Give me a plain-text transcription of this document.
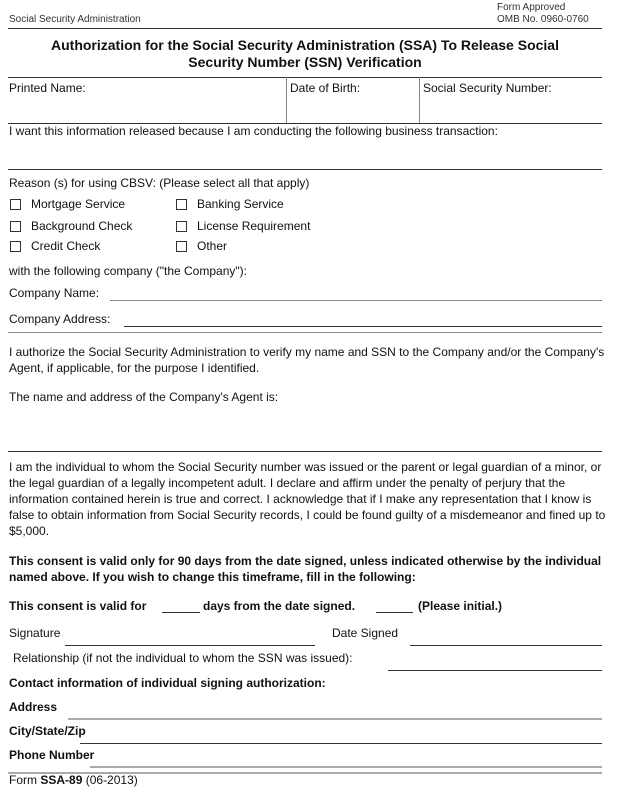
Social Security Administration
Form Approved
OMB No. 0960-0760
Authorization for the Social Security Administration (SSA) To Release Social
Security Number (SSN) Verification
Printed Name:	Date of Birth:	Social Security Number:
I want this information released because I am conducting the following business transaction:
Reason (s) for using CBSV: (Please select all that apply)
Mortgage Service	Banking Service
Background Check	License Requirement
Credit Check	Other
with the following company ("the Company"):
Company Name:
Company Address:
I authorize the Social Security Administration to verify my name and SSN to the Company and/or the Company's Agent, if applicable, for the purpose I identified.
The name and address of the Company's Agent is:
I am the individual to whom the Social Security number was issued or the parent or legal guardian of a minor, or the legal guardian of a legally incompetent adult. I declare and affirm under the penalty of perjury that the information contained herein is true and correct. I acknowledge that if I make any representation that I know is false to obtain information from Social Security records, I could be found guilty of a misdemeanor and fined up to $5,000.
This consent is valid only for 90 days from the date signed, unless indicated otherwise by the individual named above. If you wish to change this timeframe, fill in the following:
This consent is valid for	days from the date signed.	(Please initial.)
Signature	Date Signed
Relationship (if not the individual to whom the SSN was issued):
Contact information of individual signing authorization:
Address
City/State/Zip
Phone Number
Form SSA-89 (06-2013)
